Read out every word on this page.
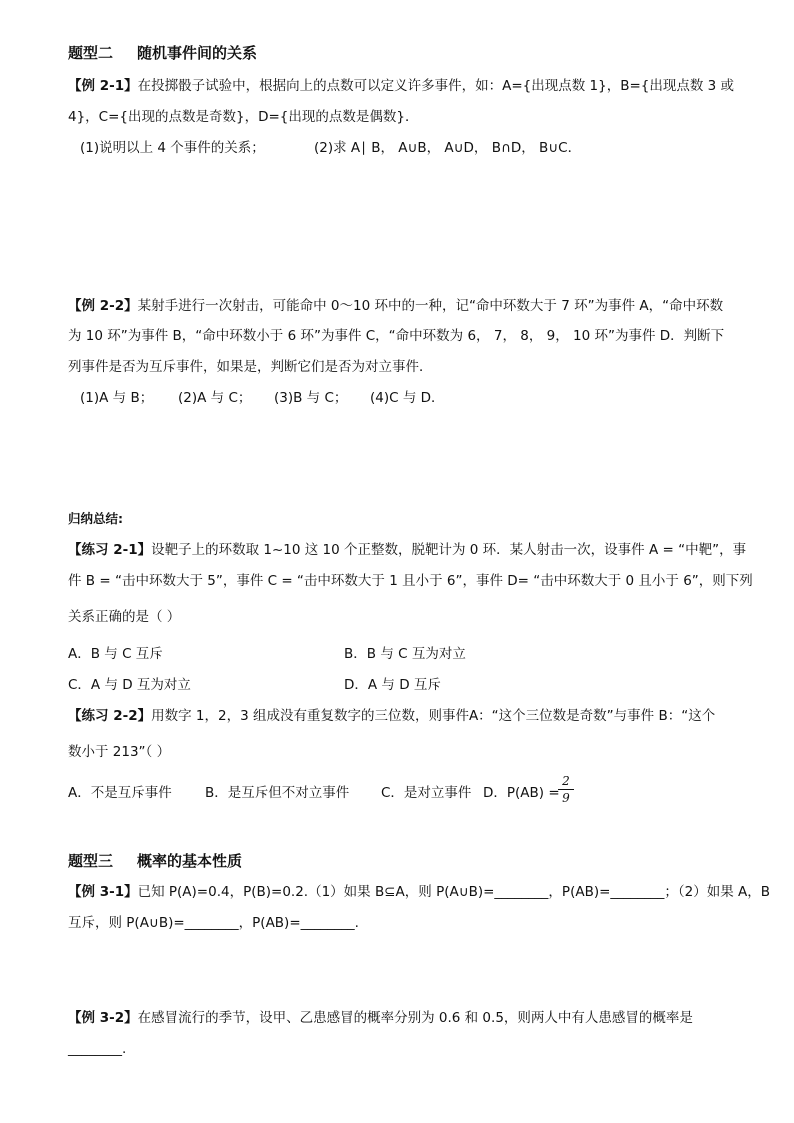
题型二 随机事件间的关系
【例 2-1】在投掷骰子试验中，根据向上的点数可以定义许多事件，如：A={出现点数 1}，B={出现点数 3 或
4}，C={出现的点数是奇数}，D={出现的点数是偶数}．
(1)说明以上 4 个事件的关系；	(2)求 A∣ B， A∪B， A∪D， B∩D， B∪C．
【例 2-2】某射手进行一次射击，可能命中 0～10 环中的一种，记“命中环数大于 7 环”为事件 A，“命中环数
为 10 环”为事件 B，“命中环数小于 6 环”为事件 C，“命中环数为 6， 7， 8， 9， 10 环”为事件 D．判断下
列事件是否为互斥事件，如果是，判断它们是否为对立事件．
(1)A 与 B； (2)A 与 C； (3)B 与 C； (4)C 与 D．
归纳总结:
【练习 2-1】设靶子上的环数取 1~10 这 10 个正整数，脱靶计为 0 环．某人射击一次，设事件 A = “中靶”，事
件 B = “击中环数大于 5”，事件 C = “击中环数大于 1 且小于 6”，事件 D= “击中环数大于 0 且小于 6”，则下列
关系正确的是（ ）
A．B 与 C 互斥	B．B 与 C 互为对立
C．A 与 D 互为对立	D．A 与 D 互斥
【练习 2-2】用数字 1，2，3 组成没有重复数字的三位数，则事件A：“这个三位数是奇数”与事件 B：“这个
数小于 213”（ ）
A．不是互斥事件 B．是互斥但不对立事件 C．是对立事件 D．P(AB) =
2
9
题型三 概率的基本性质
【例 3-1】已知 P(A)=0.4，P(B)=0.2.（1）如果 B⊆A，则 P(A∪B)=________，P(AB)=________；（2）如果 A，B
互斥，则 P(A∪B)=________，P(AB)=________.
【例 3-2】在感冒流行的季节，设甲、乙患感冒的概率分别为 0.6 和 0.5，则两人中有人患感冒的概率是
________.
